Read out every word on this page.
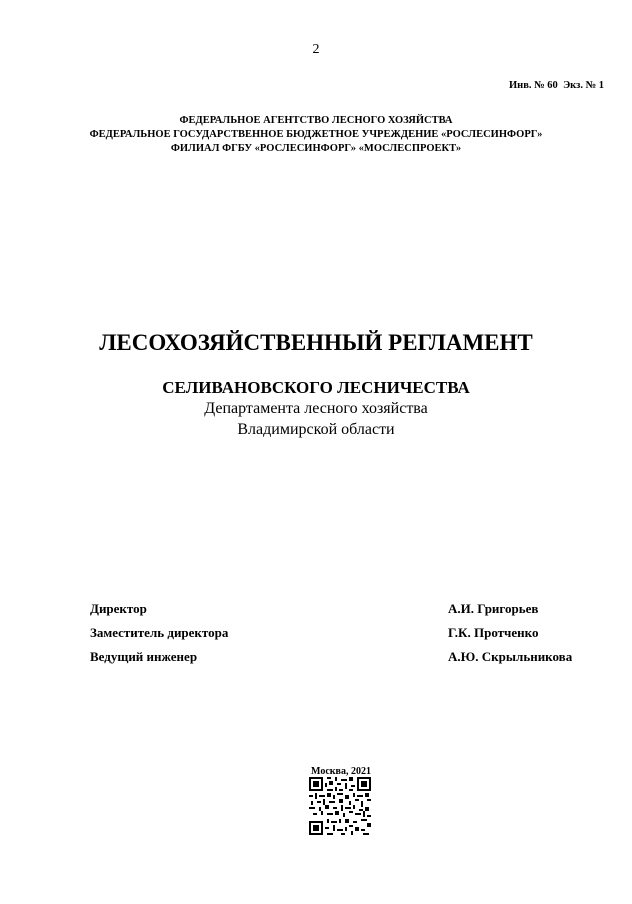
2
Инв. № 60 Экз. № 1
ФЕДЕРАЛЬНОЕ АГЕНТСТВО ЛЕСНОГО ХОЗЯЙСТВА
ФЕДЕРАЛЬНОЕ ГОСУДАРСТВЕННОЕ БЮДЖЕТНОЕ УЧРЕЖДЕНИЕ «РОСЛЕСИНФОРГ»
ФИЛИАЛ ФГБУ «РОСЛЕСИНФОРГ» «МОСЛЕСПРОЕКТ»
ЛЕСОХОЗЯЙСТВЕННЫЙ РЕГЛАМЕНТ
СЕЛИВАНОВСКОГО ЛЕСНИЧЕСТВА
Департамента лесного хозяйства
Владимирской области
Директор	А.И. Григорьев
Заместитель директора	Г.К. Протченко
Ведущий инженер	А.Ю. Скрыльникова
Москва, 2021
